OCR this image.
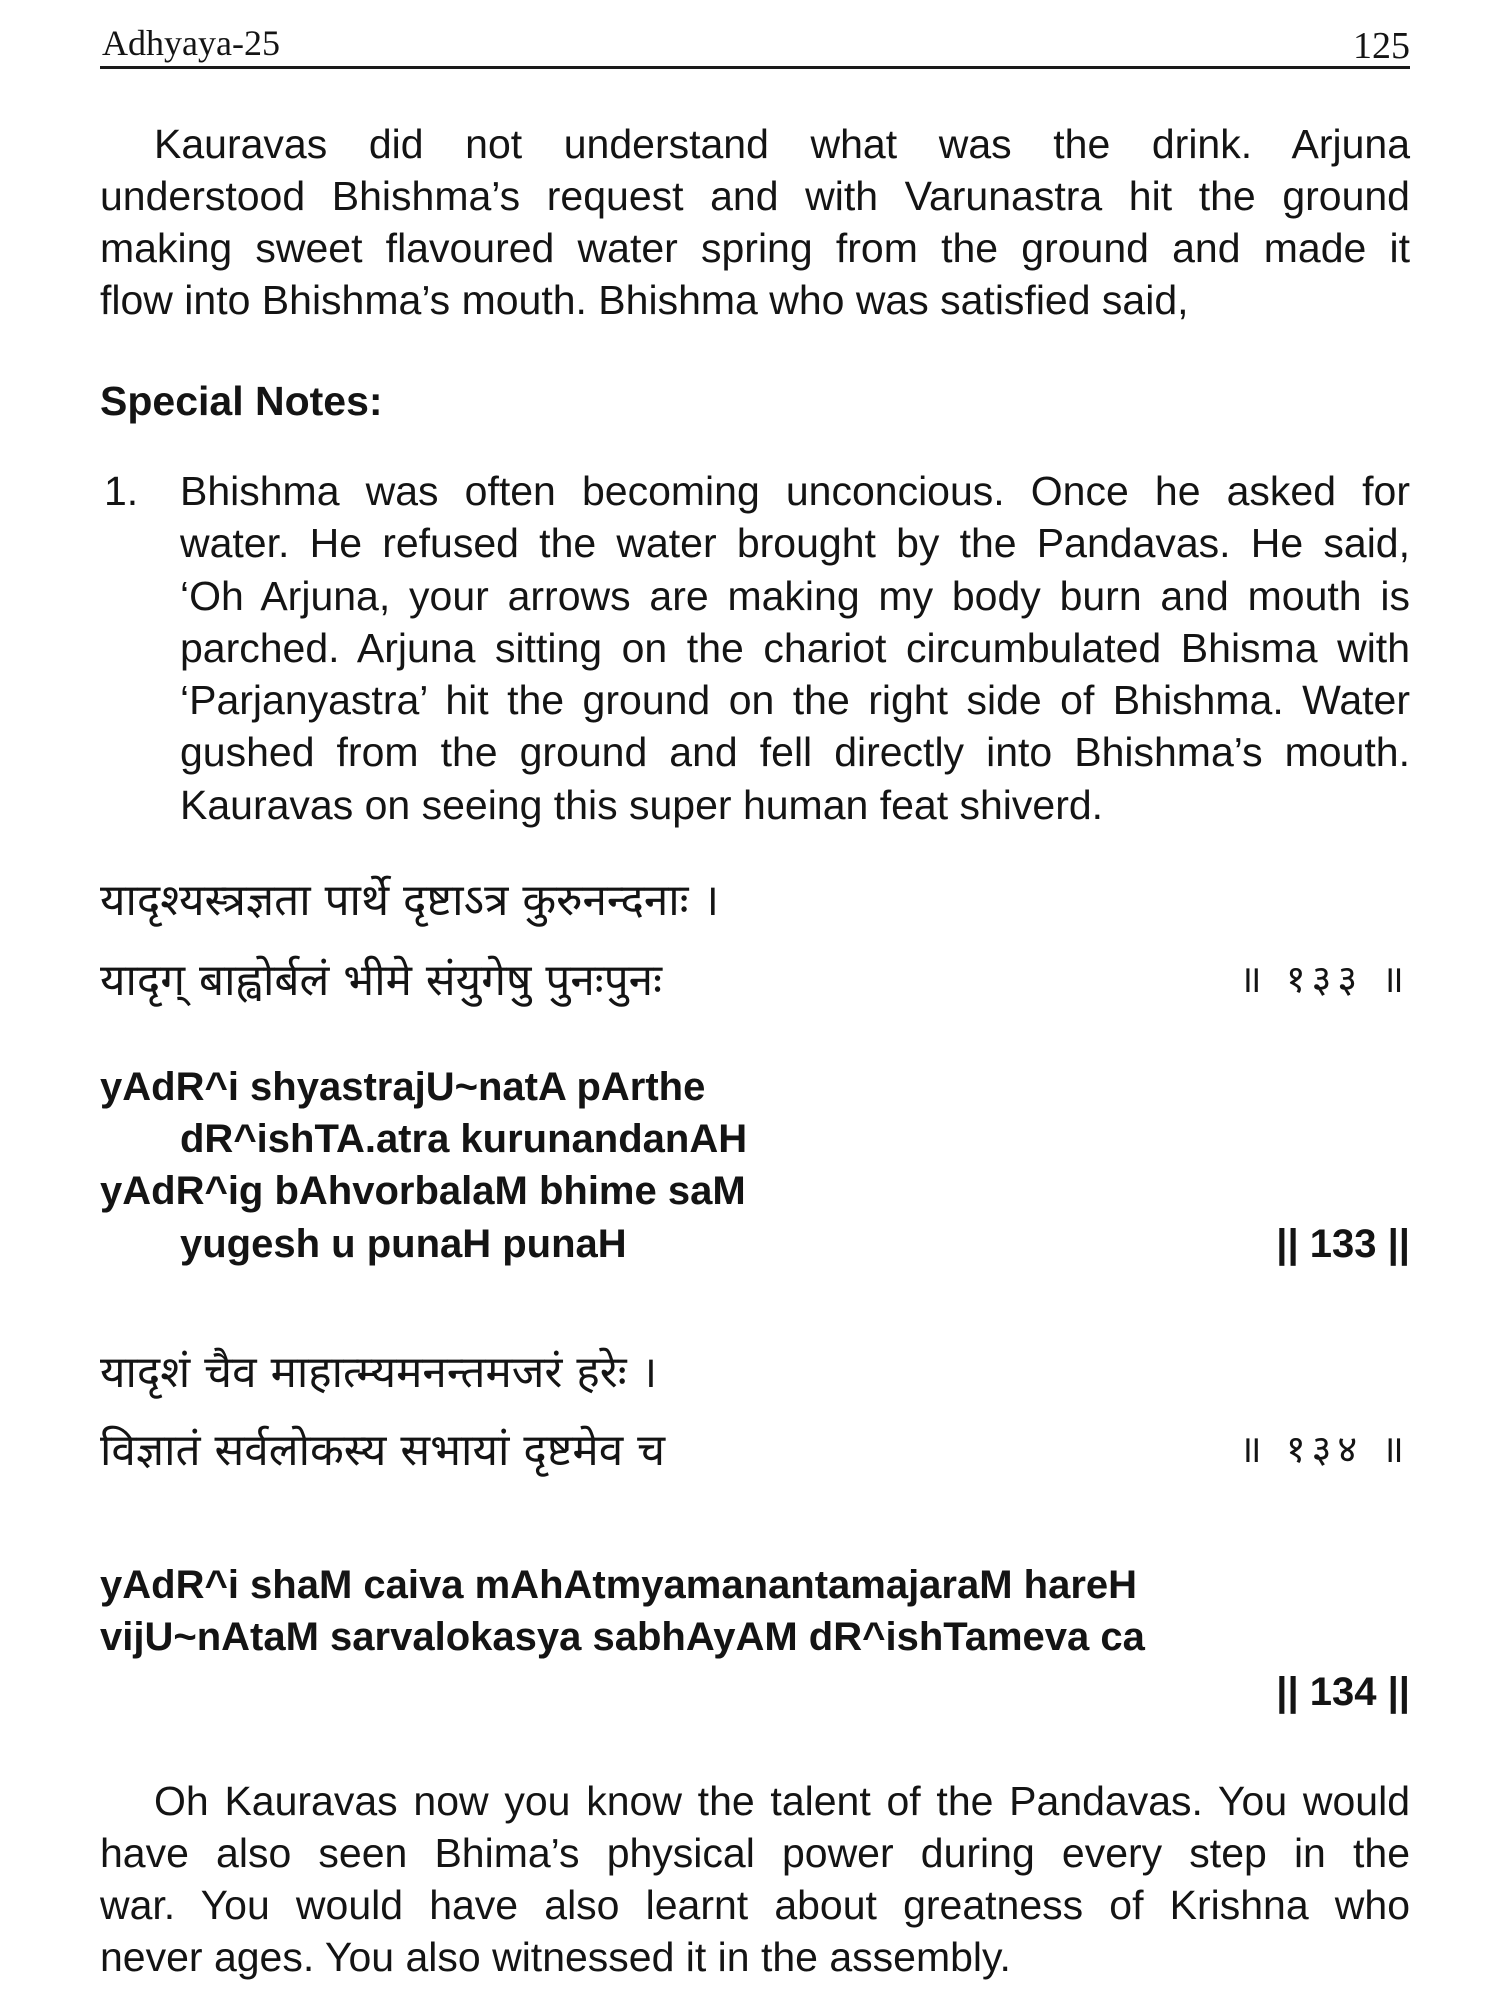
Adhyaya-25	125
Kauravas did not understand what was the drink. Arjuna
understood Bhishma’s request and with Varunastra hit the ground
making sweet flavoured water spring from the ground and made it
flow into Bhishma’s mouth. Bhishma who was satisfied said,
Special Notes:
1. Bhishma was often becoming unconcious. Once he asked for
water. He refused the water brought by the Pandavas. He said,
‘Oh Arjuna, your arrows are making my body burn and mouth is
parched. Arjuna sitting on the chariot circumbulated Bhisma with
‘Parjanyastra’ hit the ground on the right side of Bhishma. Water
gushed from the ground and fell directly into Bhishma’s mouth.
Kauravas on seeing this super human feat shiverd.
यादृश्यस्त्रज्ञता पार्थे दृष्टाऽत्र कुरुनन्दनाः ।
यादृग् बाह्वोर्बलं भीमे संयुगेषु पुनःपुनः	॥ १३३ ॥
yAdR^i shyastrajU~natA pArthe
dR^ishTA.atra kurunandanAH
yAdR^ig bAhvorbalaM bhime saM
yugesh u punaH punaH	|| 133 ||
यादृशं चैव माहात्म्यमनन्तमजरं हरेः ।
विज्ञातं सर्वलोकस्य सभायां दृष्टमेव च	॥ १३४ ॥
yAdR^i shaM caiva mAhAtmyamanantamajaraM hareH
vijU~nAtaM sarvalokasya sabhAyAM dR^ishTameva ca
|| 134 ||
Oh Kauravas now you know the talent of the Pandavas. You would
have also seen Bhima’s physical power during every step in the
war. You would have also learnt about greatness of Krishna who
never ages. You also witnessed it in the assembly.
